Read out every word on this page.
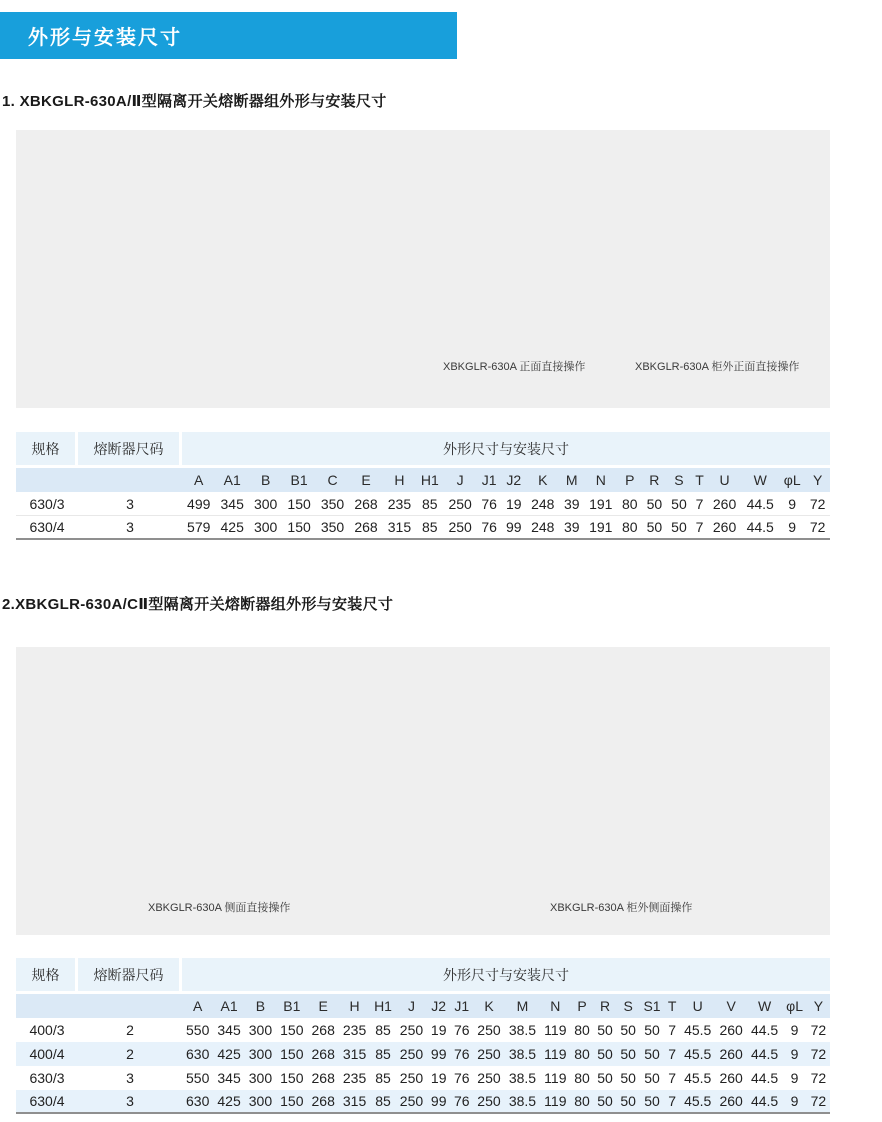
外形与安装尺寸
1. XBKGLR-630A/Ⅱ型隔离开关熔断器组外形与安装尺寸
XBKGLR-630A 正面直接操作	XBKGLR-630A 柜外正面直接操作
规格	熔断器尺码	外形尺寸与安装尺寸																					
		A	A1	B	B1	C	E	H	H1	J	J1	J2	K	M	N	P	R	S	T	U	W	φL	Y
630/3	3	499	345	300	150	350	268	235	85	250	76	19	248	39	191	80	50	50	7	260	44.5	9	72
630/4	3	579	425	300	150	350	268	315	85	250	76	99	248	39	191	80	50	50	7	260	44.5	9	72
2.XBKGLR-630A/CⅡ型隔离开关熔断器组外形与安装尺寸
XBKGLR-630A 侧面直接操作	XBKGLR-630A 柜外侧面操作
规格	熔断器尺码	外形尺寸与安装尺寸																						
		A	A1	B	B1	E	H	H1	J	J2	J1	K	M	N	P	R	S	S1	T	U	V	W	φL	Y
400/3	2	550	345	300	150	268	235	85	250	19	76	250	38.5	119	80	50	50	50	7	45.5	260	44.5	9	72
400/4	2	630	425	300	150	268	315	85	250	99	76	250	38.5	119	80	50	50	50	7	45.5	260	44.5	9	72
630/3	3	550	345	300	150	268	235	85	250	19	76	250	38.5	119	80	50	50	50	7	45.5	260	44.5	9	72
630/4	3	630	425	300	150	268	315	85	250	99	76	250	38.5	119	80	50	50	50	7	45.5	260	44.5	9	72
